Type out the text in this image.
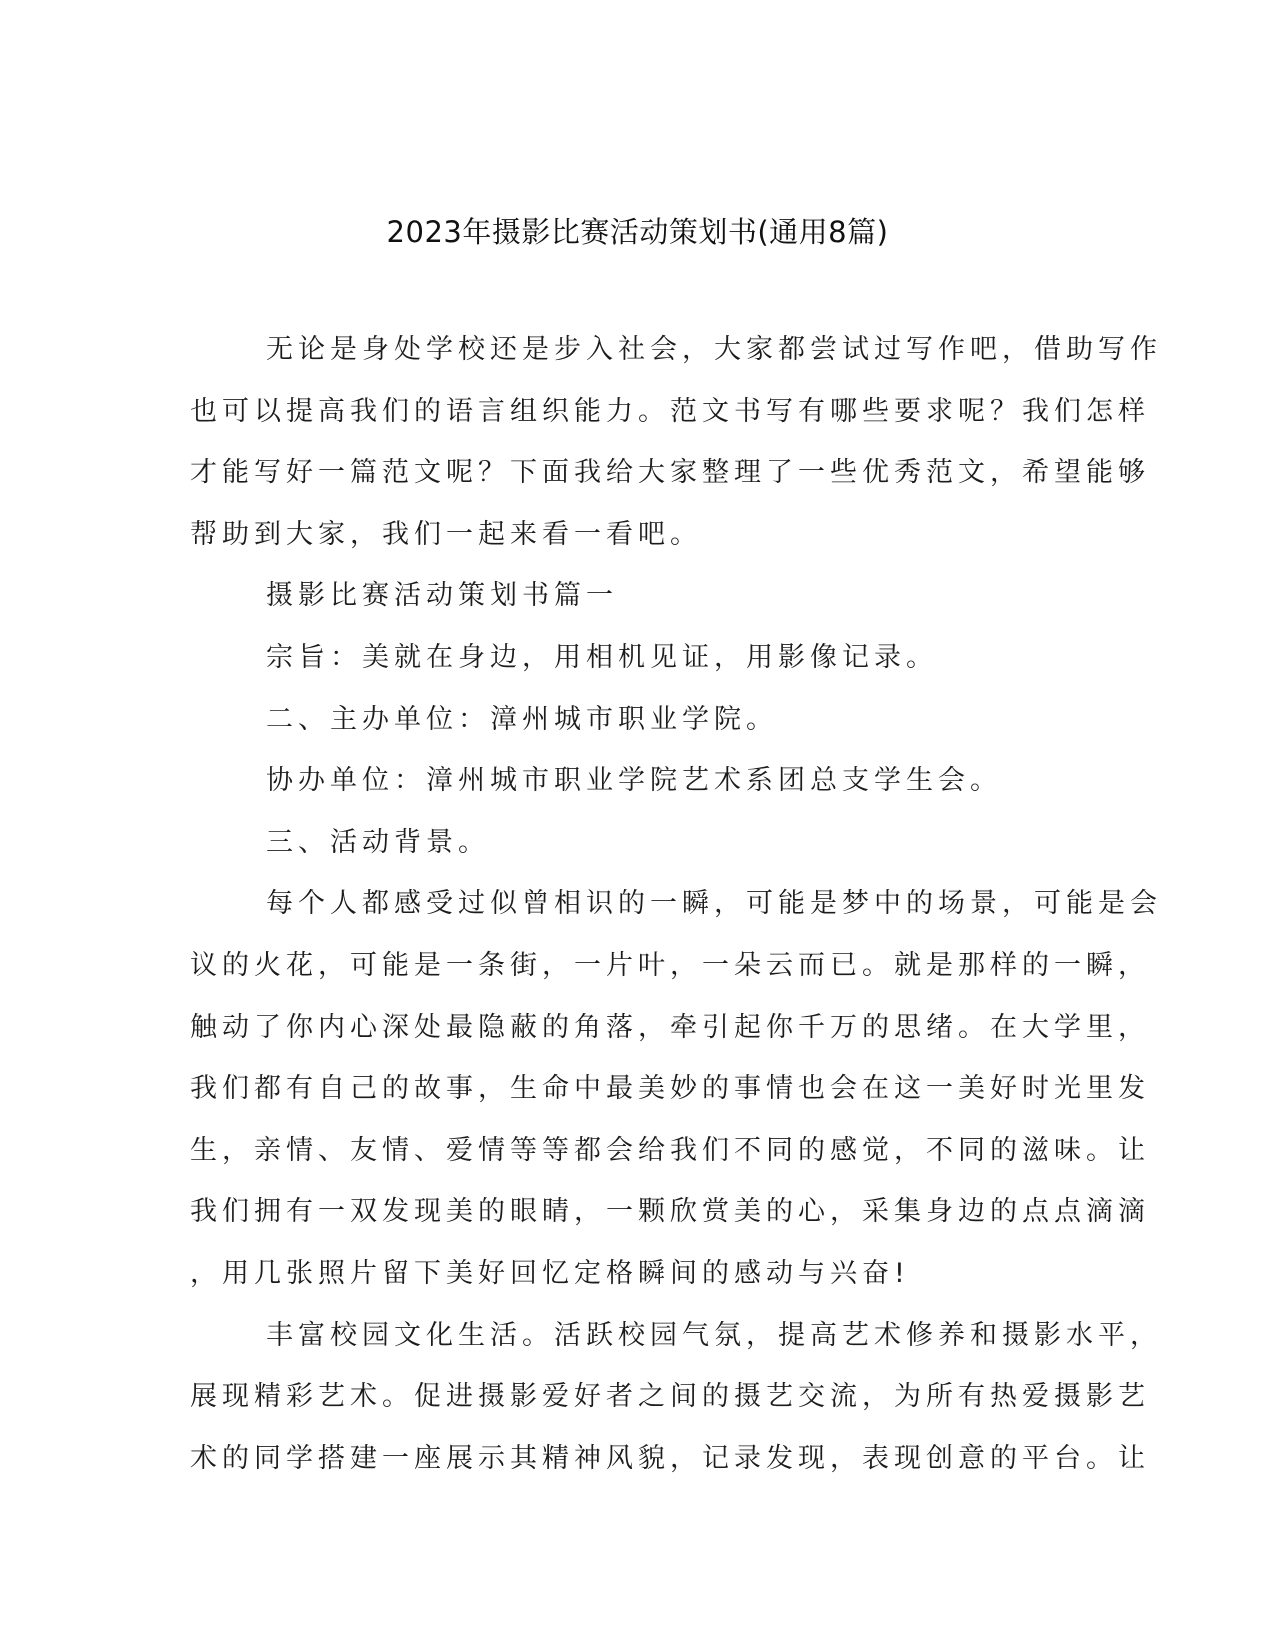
2023年摄影比赛活动策划书(通用8篇)
无论是身处学校还是步入社会，大家都尝试过写作吧，借助写作
也可以提高我们的语言组织能力。范文书写有哪些要求呢？我们怎样
才能写好一篇范文呢？下面我给大家整理了一些优秀范文，希望能够
帮助到大家，我们一起来看一看吧。
摄影比赛活动策划书篇一
宗旨：美就在身边，用相机见证，用影像记录。
二、主办单位：漳州城市职业学院。
协办单位：漳州城市职业学院艺术系团总支学生会。
三、活动背景。
每个人都感受过似曾相识的一瞬，可能是梦中的场景，可能是会
议的火花，可能是一条街，一片叶，一朵云而已。就是那样的一瞬，
触动了你内心深处最隐蔽的角落，牵引起你千万的思绪。在大学里，
我们都有自己的故事，生命中最美妙的事情也会在这一美好时光里发
生，亲情、友情、爱情等等都会给我们不同的感觉，不同的滋味。让
我们拥有一双发现美的眼睛，一颗欣赏美的心，采集身边的点点滴滴
，用几张照片留下美好回忆定格瞬间的感动与兴奋!
丰富校园文化生活。活跃校园气氛，提高艺术修养和摄影水平，
展现精彩艺术。促进摄影爱好者之间的摄艺交流，为所有热爱摄影艺
术的同学搭建一座展示其精神风貌，记录发现，表现创意的平台。让
